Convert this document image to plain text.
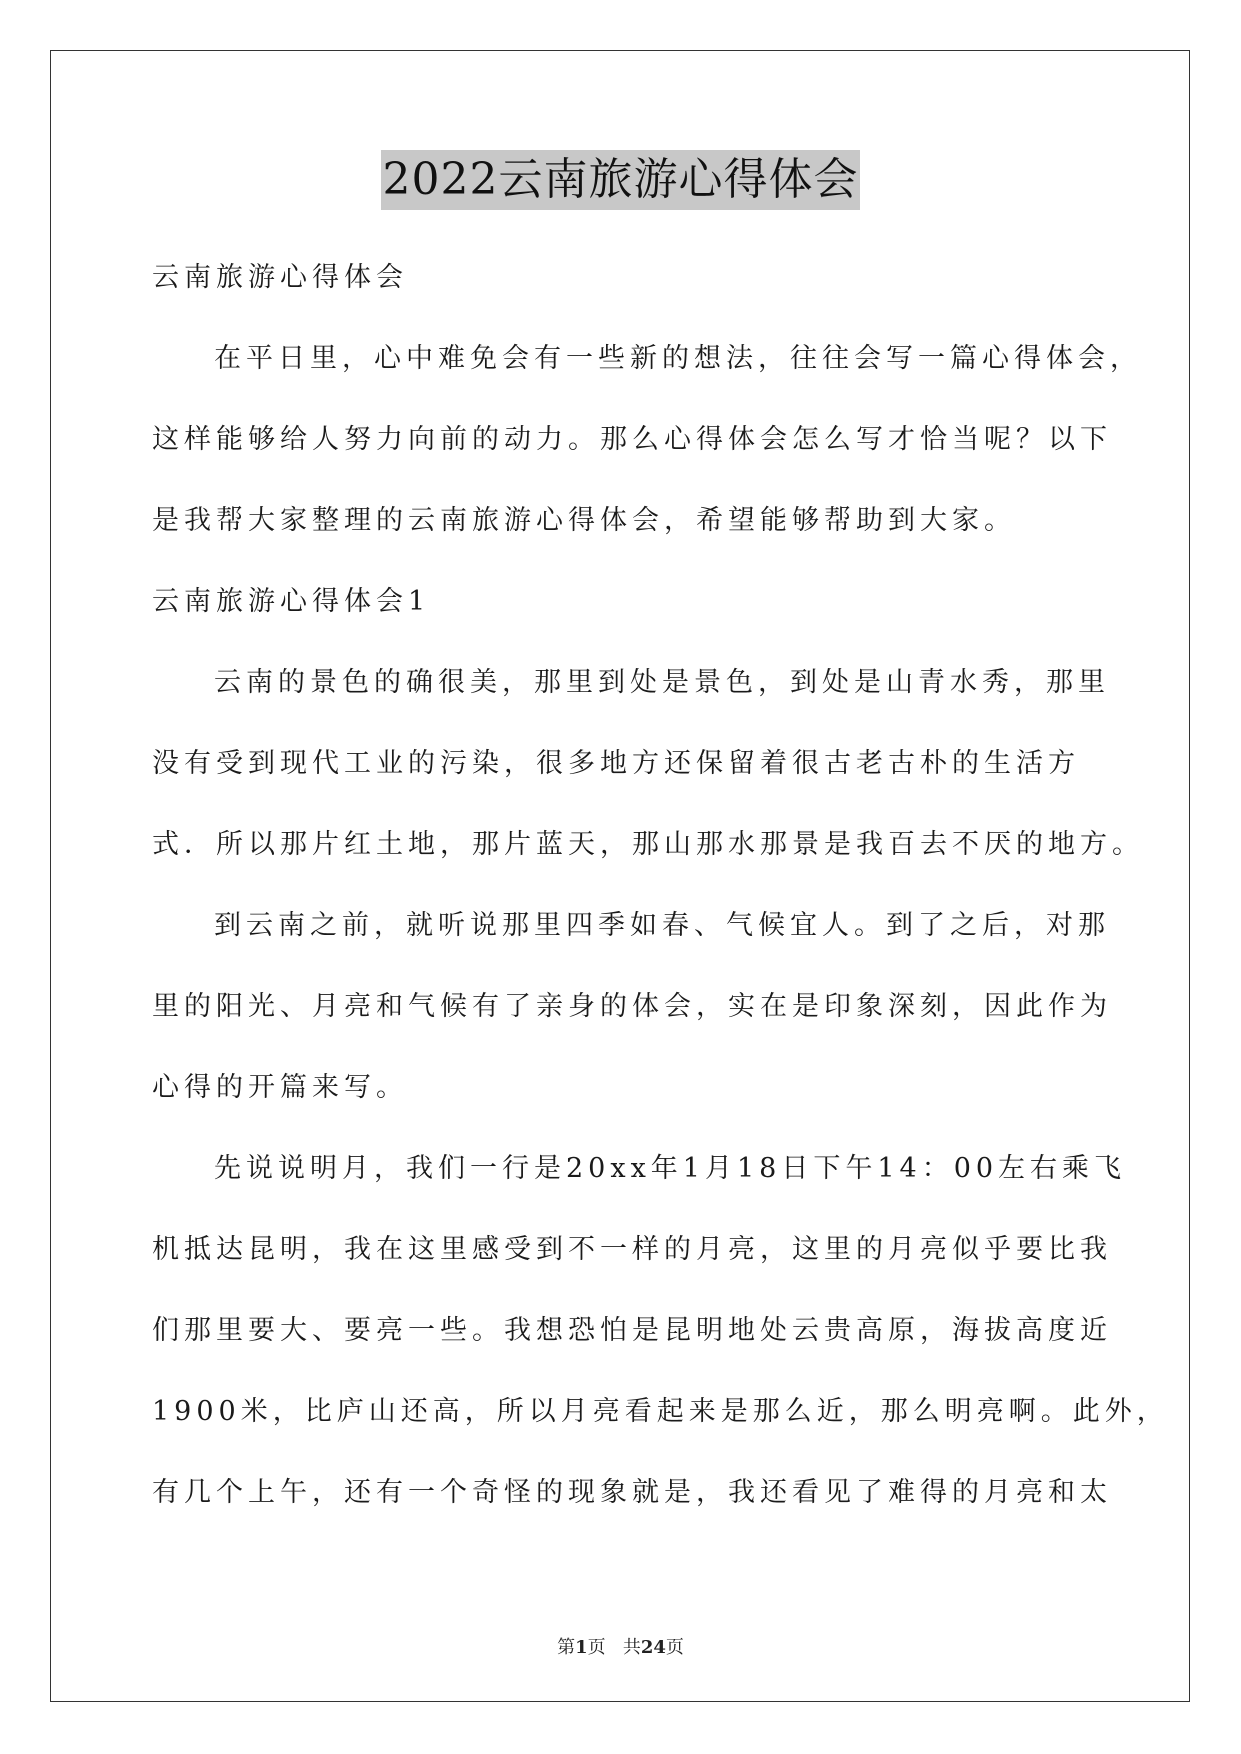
2022云南旅游心得体会
云南旅游心得体会
在平日里，心中难免会有一些新的想法，往往会写一篇心得体会，
这样能够给人努力向前的动力。那么心得体会怎么写才恰当呢？以下
是我帮大家整理的云南旅游心得体会，希望能够帮助到大家。
云南旅游心得体会1
云南的景色的确很美，那里到处是景色，到处是山青水秀，那里
没有受到现代工业的污染，很多地方还保留着很古老古朴的生活方
式．所以那片红土地，那片蓝天，那山那水那景是我百去不厌的地方。
到云南之前，就听说那里四季如春、气候宜人。到了之后，对那
里的阳光、月亮和气候有了亲身的体会，实在是印象深刻，因此作为
心得的开篇来写。
先说说明月，我们一行是20xx年1月18日下午14：00左右乘飞
机抵达昆明，我在这里感受到不一样的月亮，这里的月亮似乎要比我
们那里要大、要亮一些。我想恐怕是昆明地处云贵高原，海拔高度近
1900米，比庐山还高，所以月亮看起来是那么近，那么明亮啊。此外，
有几个上午，还有一个奇怪的现象就是，我还看见了难得的月亮和太
第1页 共24页
